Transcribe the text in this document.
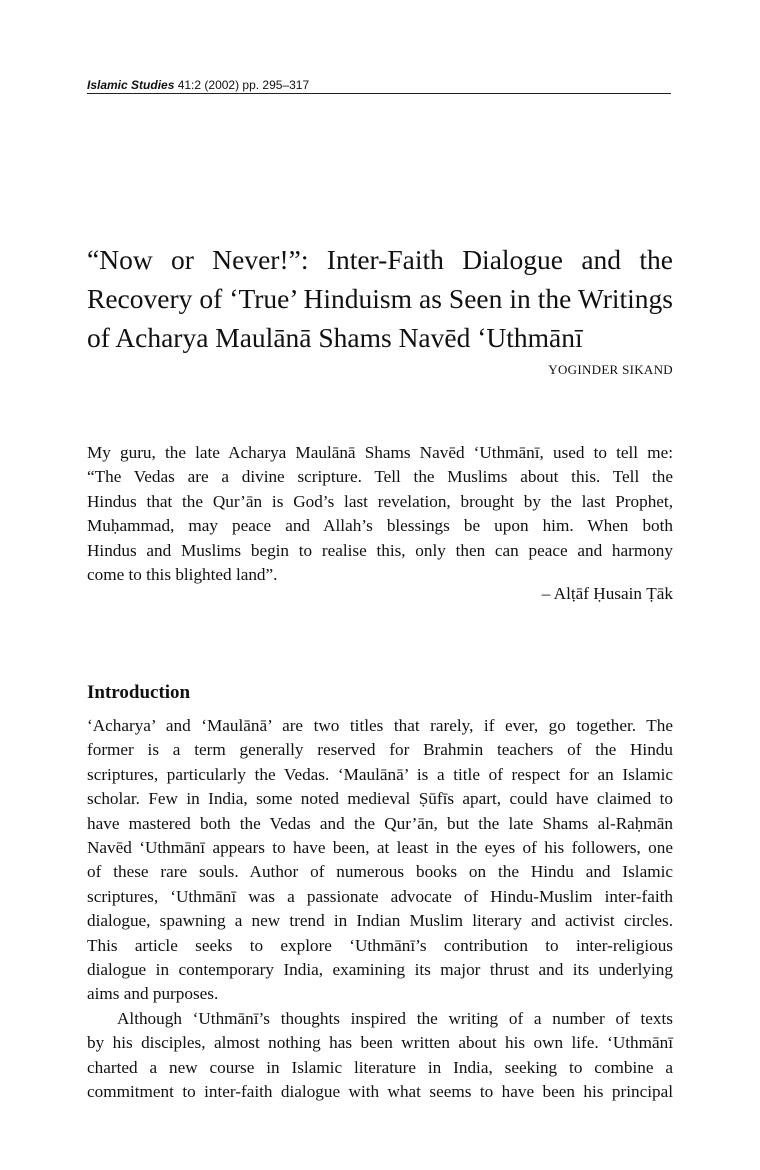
Islamic Studies 41:2 (2002) pp. 295–317
“Now or Never!”: Inter-Faith Dialogue and the
Recovery of ‘True’ Hinduism as Seen in the Writings
of Acharya Maulānā Shams Navēd ‘Uthmānī
YOGINDER SIKAND
My guru, the late Acharya Maulānā Shams Navēd ‘Uthmānī, used to tell me:
“The Vedas are a divine scripture. Tell the Muslims about this. Tell the
Hindus that the Qur’ān is God’s last revelation, brought by the last Prophet,
Muḥammad, may peace and Allah’s blessings be upon him. When both
Hindus and Muslims begin to realise this, only then can peace and harmony
come to this blighted land”.
– Alṭāf Ḥusain Ṭāk
Introduction
‘Acharya’ and ‘Maulānā’ are two titles that rarely, if ever, go together. The
former is a term generally reserved for Brahmin teachers of the Hindu
scriptures, particularly the Vedas. ‘Maulānā’ is a title of respect for an Islamic
scholar. Few in India, some noted medieval Ṣūfīs apart, could have claimed to
have mastered both the Vedas and the Qur’ān, but the late Shams al-Raḥmān
Navēd ‘Uthmānī appears to have been, at least in the eyes of his followers, one
of these rare souls. Author of numerous books on the Hindu and Islamic
scriptures, ‘Uthmānī was a passionate advocate of Hindu-Muslim inter-faith
dialogue, spawning a new trend in Indian Muslim literary and activist circles.
This article seeks to explore ‘Uthmānī’s contribution to inter-religious
dialogue in contemporary India, examining its major thrust and its underlying
aims and purposes.
Although ‘Uthmānī’s thoughts inspired the writing of a number of texts
by his disciples, almost nothing has been written about his own life. ‘Uthmānī
charted a new course in Islamic literature in India, seeking to combine a
commitment to inter-faith dialogue with what seems to have been his principal
